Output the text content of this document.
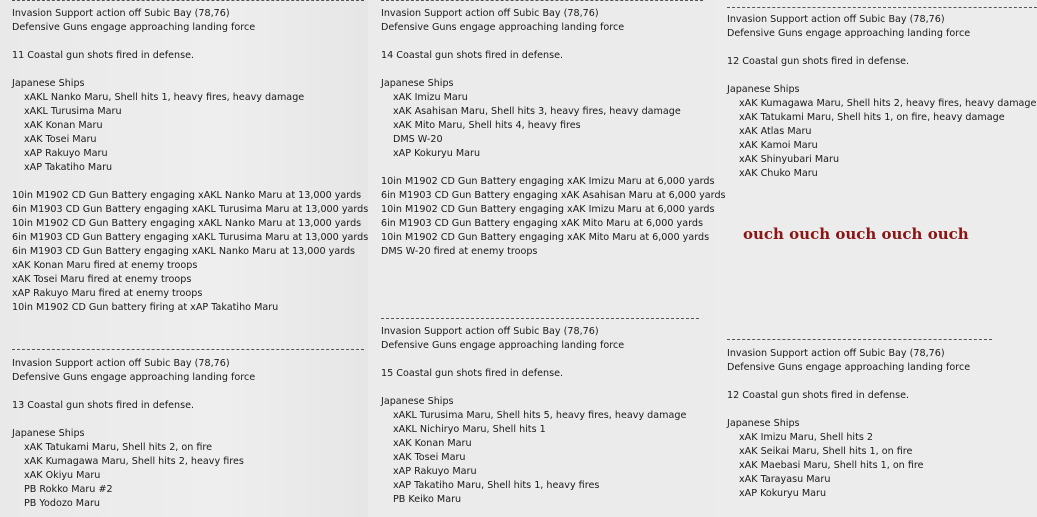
Invasion Support action off Subic Bay (78,76)
Defensive Guns engage approaching landing force
11 Coastal gun shots fired in defense.
Japanese Ships
xAKL Nanko Maru, Shell hits 1, heavy fires, heavy damage
xAKL Turusima Maru
xAK Konan Maru
xAK Tosei Maru
xAP Rakuyo Maru
xAP Takatiho Maru
10in M1902 CD Gun Battery engaging xAKL Nanko Maru at 13,000 yards
6in M1903 CD Gun Battery engaging xAKL Turusima Maru at 13,000 yards
10in M1902 CD Gun Battery engaging xAKL Nanko Maru at 13,000 yards
6in M1903 CD Gun Battery engaging xAKL Turusima Maru at 13,000 yards
6in M1903 CD Gun Battery engaging xAKL Nanko Maru at 13,000 yards
xAK Konan Maru fired at enemy troops
xAK Tosei Maru fired at enemy troops
xAP Rakuyo Maru fired at enemy troops
10in M1902 CD Gun battery firing at xAP Takatiho Maru
Invasion Support action off Subic Bay (78,76)
Defensive Guns engage approaching landing force
13 Coastal gun shots fired in defense.
Japanese Ships
xAK Tatukami Maru, Shell hits 2, on fire
xAK Kumagawa Maru, Shell hits 2, heavy fires
xAK Okiyu Maru
PB Rokko Maru #2
PB Yodozo Maru
Invasion Support action off Subic Bay (78,76)
Defensive Guns engage approaching landing force
14 Coastal gun shots fired in defense.
Japanese Ships
xAK Imizu Maru
xAK Asahisan Maru, Shell hits 3, heavy fires, heavy damage
xAK Mito Maru, Shell hits 4, heavy fires
DMS W-20
xAP Kokuryu Maru
10in M1902 CD Gun Battery engaging xAK Imizu Maru at 6,000 yards
6in M1903 CD Gun Battery engaging xAK Asahisan Maru at 6,000 yards
10in M1902 CD Gun Battery engaging xAK Imizu Maru at 6,000 yards
6in M1903 CD Gun Battery engaging xAK Mito Maru at 6,000 yards
10in M1902 CD Gun Battery engaging xAK Mito Maru at 6,000 yards
DMS W-20 fired at enemy troops
Invasion Support action off Subic Bay (78,76)
Defensive Guns engage approaching landing force
15 Coastal gun shots fired in defense.
Japanese Ships
xAKL Turusima Maru, Shell hits 5, heavy fires, heavy damage
xAKL Nichiryo Maru, Shell hits 1
xAK Konan Maru
xAK Tosei Maru
xAP Rakuyo Maru
xAP Takatiho Maru, Shell hits 1, heavy fires
PB Keiko Maru
Invasion Support action off Subic Bay (78,76)
Defensive Guns engage approaching landing force
12 Coastal gun shots fired in defense.
Japanese Ships
xAK Kumagawa Maru, Shell hits 2, heavy fires, heavy damage
xAK Tatukami Maru, Shell hits 1, on fire, heavy damage
xAK Atlas Maru
xAK Kamoi Maru
xAK Shinyubari Maru
xAK Chuko Maru
Invasion Support action off Subic Bay (78,76)
Defensive Guns engage approaching landing force
12 Coastal gun shots fired in defense.
Japanese Ships
xAK Imizu Maru, Shell hits 2
xAK Seikai Maru, Shell hits 1, on fire
xAK Maebasi Maru, Shell hits 1, on fire
xAK Tarayasu Maru
xAP Kokuryu Maru
ouch ouch ouch ouch ouch
